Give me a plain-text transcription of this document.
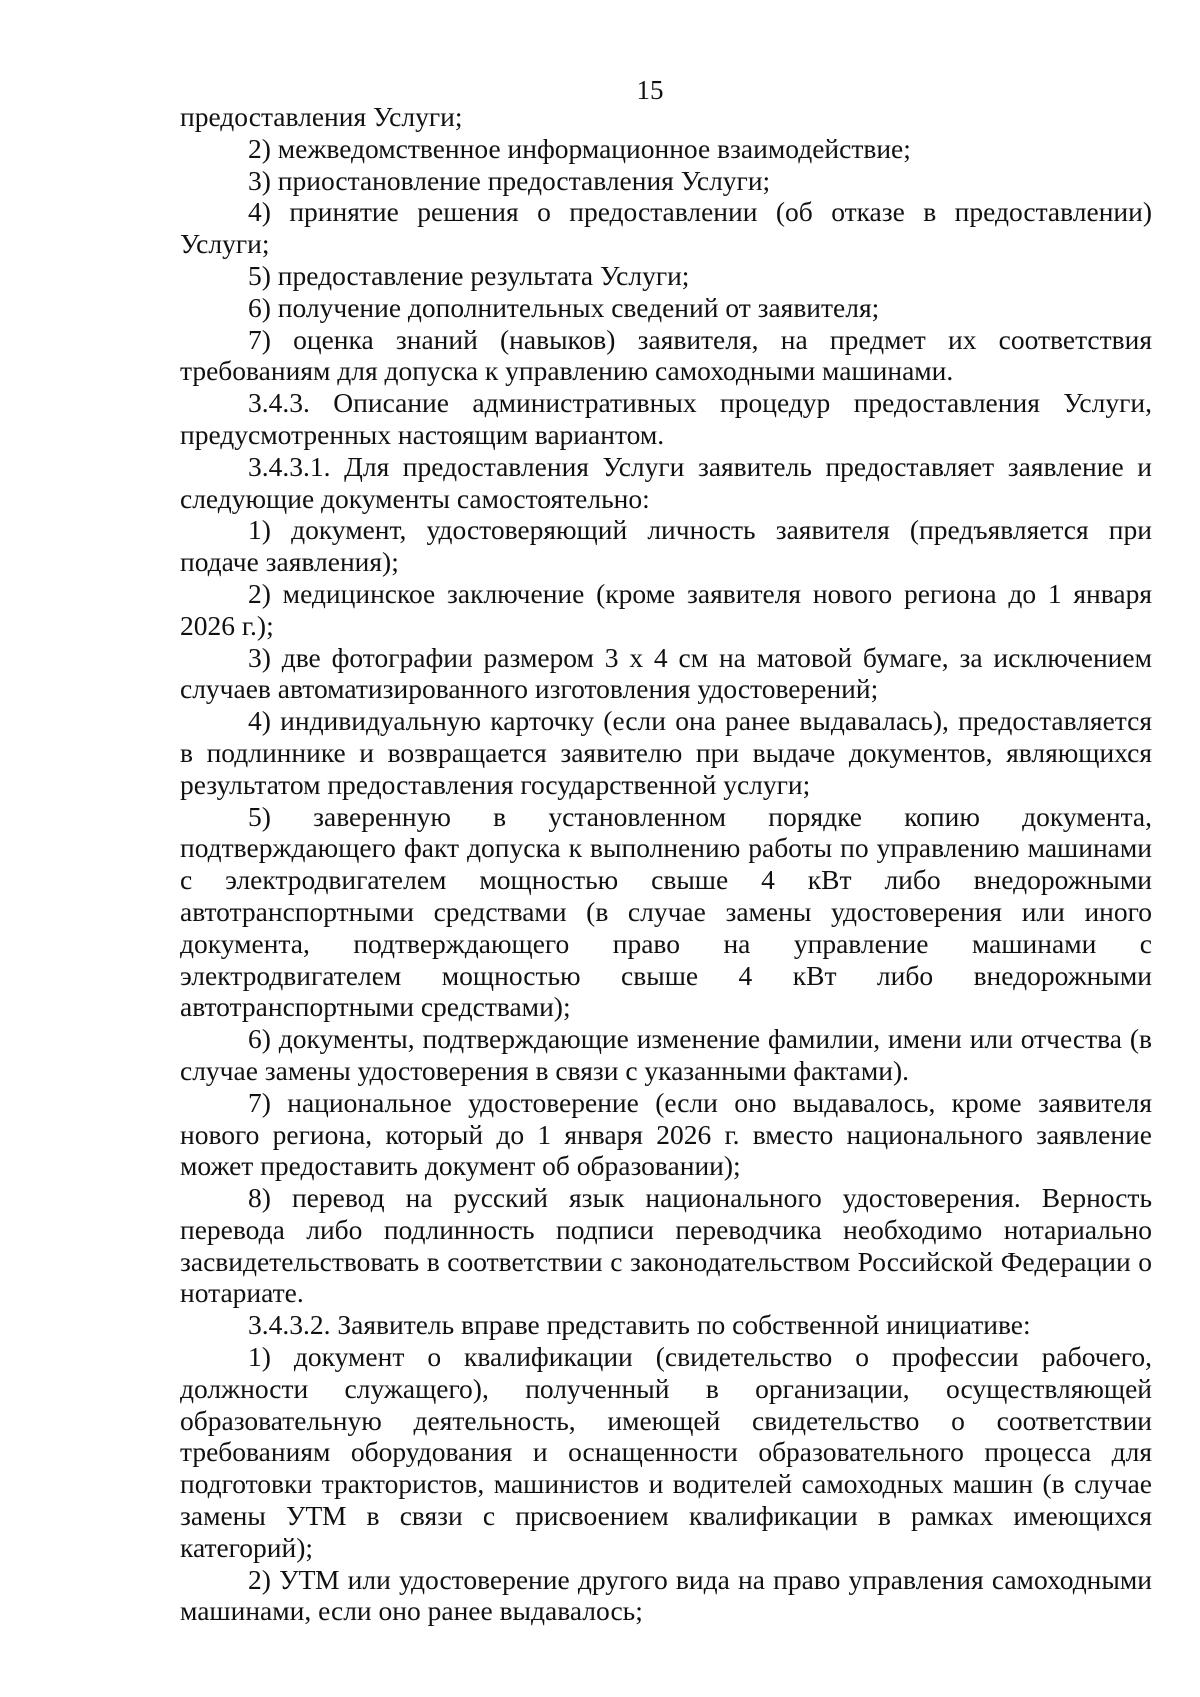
15

предоставления Услуги;

2) межведомственное информационное взаимодействие;

3) приостановление предоставления Услуги;

4) принятие решения о предоставлении (об отказе в предоставлении) Услуги;

5) предоставление результата Услуги;

6) получение дополнительных сведений от заявителя;

7) оценка знаний (навыков) заявителя, на предмет их соответствия требованиям для допуска к управлению самоходными машинами.

3.4.3. Описание административных процедур предоставления Услуги, предусмотренных настоящим вариантом.

3.4.3.1. Для предоставления Услуги заявитель предоставляет заявление и следующие документы самостоятельно:

1) документ, удостоверяющий личность заявителя (предъявляется при подаче заявления);

2) медицинское заключение (кроме заявителя нового региона до 1 января 2026 г.);

3) две фотографии размером 3 х 4 см на матовой бумаге, за исключением случаев автоматизированного изготовления удостоверений;

4) индивидуальную карточку (если она ранее выдавалась), предоставляется в подлиннике и возвращается заявителю при выдаче документов, являющихся результатом предоставления государственной услуги;

5) заверенную в установленном порядке копию документа, подтверждающего факт допуска к выполнению работы по управлению машинами с электродвигателем мощностью свыше 4 кВт либо внедорожными автотранспортными средствами (в случае замены удостоверения или иного документа, подтверждающего право на управление машинами с электродвигателем мощностью свыше 4 кВт либо внедорожными автотранспортными средствами);

6) документы, подтверждающие изменение фамилии, имени или отчества (в случае замены удостоверения в связи с указанными фактами).

7) национальное удостоверение (если оно выдавалось, кроме заявителя нового региона, который до 1 января 2026 г. вместо национального заявление может предоставить документ об образовании);

8) перевод на русский язык национального удостоверения. Верность перевода либо подлинность подписи переводчика необходимо нотариально засвидетельствовать в соответствии с законодательством Российской Федерации о нотариате.

3.4.3.2. Заявитель вправе представить по собственной инициативе:

1) документ о квалификации (свидетельство о профессии рабочего, должности служащего), полученный в организации, осуществляющей образовательную деятельность, имеющей свидетельство о соответствии требованиям оборудования и оснащенности образовательного процесса для подготовки трактористов, машинистов и водителей самоходных машин (в случае замены УТМ в связи с присвоением квалификации в рамках имеющихся категорий);

2) УТМ или удостоверение другого вида на право управления самоходными машинами, если оно ранее выдавалось;
